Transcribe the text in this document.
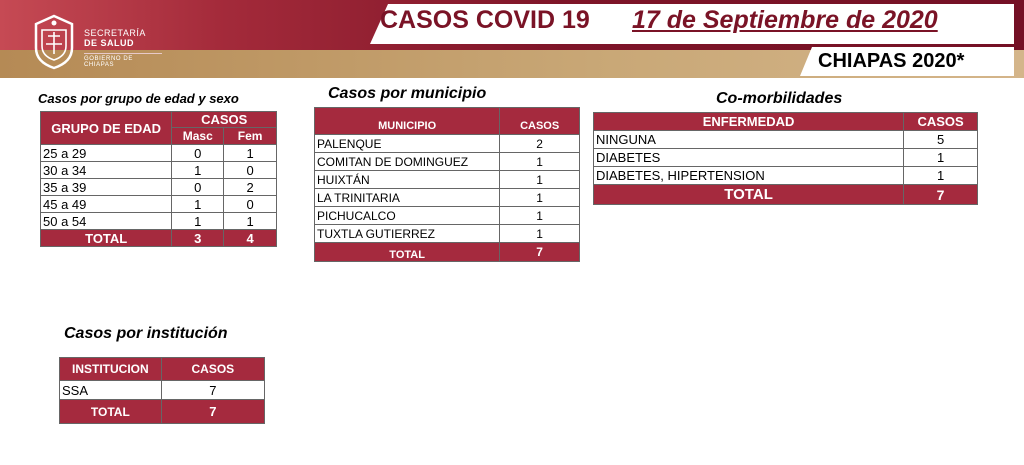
SECRETARÍA
DE SALUD
GOBIERNO DE CHIAPAS
CASOS COVID 19 17 de Septiembre de 2020
CHIAPAS 2020*
Casos por grupo de edad y sexo
GRUPO DE EDAD	CASOS	
	Masc	Fem
25 a 29	0	1
30 a 34	1	0
35 a 39	0	2
45 a 49	1	0
50 a 54	1	1
TOTAL	3	4
Casos por municipio
MUNICIPIO	CASOS
PALENQUE	2
COMITAN DE DOMINGUEZ	1
HUIXTÁN	1
LA TRINITARIA	1
PICHUCALCO	1
TUXTLA GUTIERREZ	1
TOTAL	7
Co-morbilidades
ENFERMEDAD	CASOS
NINGUNA	5
DIABETES	1
DIABETES, HIPERTENSION	1
TOTAL	7
Casos por institución
INSTITUCION	CASOS
SSA	7
TOTAL	7
